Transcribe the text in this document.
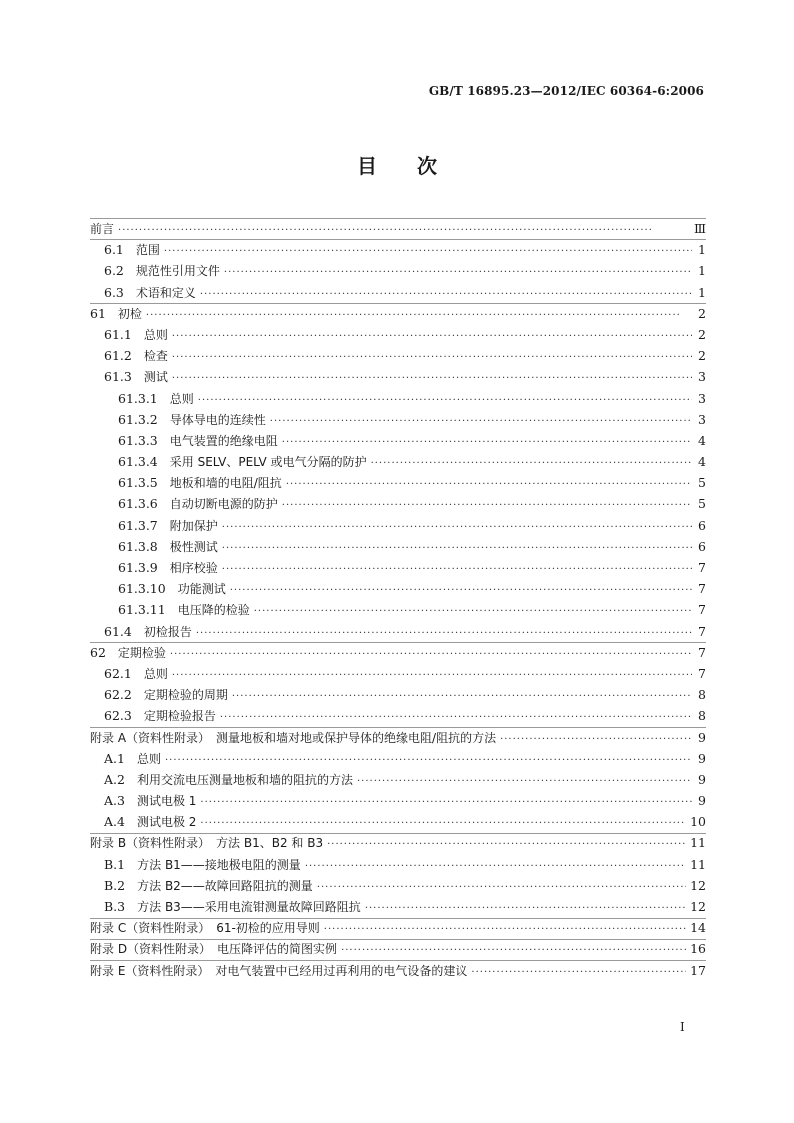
GB/T 16895.23—2012/IEC 60364-6:2006
目次
前言 ·····	Ⅲ
6.1 范围 ·····	1
6.2 规范性引用文件 ·····	1
6.3 术语和定义 ·····	1
61 初检 ·····	2
61.1 总则 ·····	2
61.2 检查 ·····	2
61.3 测试 ·····	3
61.3.1 总则 ·····	3
61.3.2 导体导电的连续性 ·····	3
61.3.3 电气装置的绝缘电阻 ·····	4
61.3.4 采用 SELV、PELV 或电气分隔的防护 ·····	4
61.3.5 地板和墙的电阻/阻抗 ·····	5
61.3.6 自动切断电源的防护 ·····	5
61.3.7 附加保护 ·····	6
61.3.8 极性测试 ·····	6
61.3.9 相序校验 ·····	7
61.3.10 功能测试 ·····	7
61.3.11 电压降的检验 ·····	7
61.4 初检报告 ·····	7
62 定期检验 ·····	7
62.1 总则 ·····	7
62.2 定期检验的周期 ·····	8
62.3 定期检验报告 ·····	8
附录 A（资料性附录）　测量地板和墙对地或保护导体的绝缘电阻/阻抗的方法 ·····	9
A.1 总则 ·····	9
A.2 利用交流电压测量地板和墙的阻抗的方法 ·····	9
A.3 测试电极 1 ·····	9
A.4 测试电极 2 ·····	10
附录 B（资料性附录）　方法 B1、B2 和 B3 ·····	11
B.1 方法 B1——接地极电阻的测量 ·····	11
B.2 方法 B2——故障回路阻抗的测量 ·····	12
B.3 方法 B3——采用电流钳测量故障回路阻抗 ·····	12
附录 C（资料性附录）　61-初检的应用导则 ·····	14
附录 D（资料性附录）　电压降评估的简图实例 ·····	16
附录 E（资料性附录）　对电气装置中已经用过再利用的电气设备的建议 ·····	17
I
